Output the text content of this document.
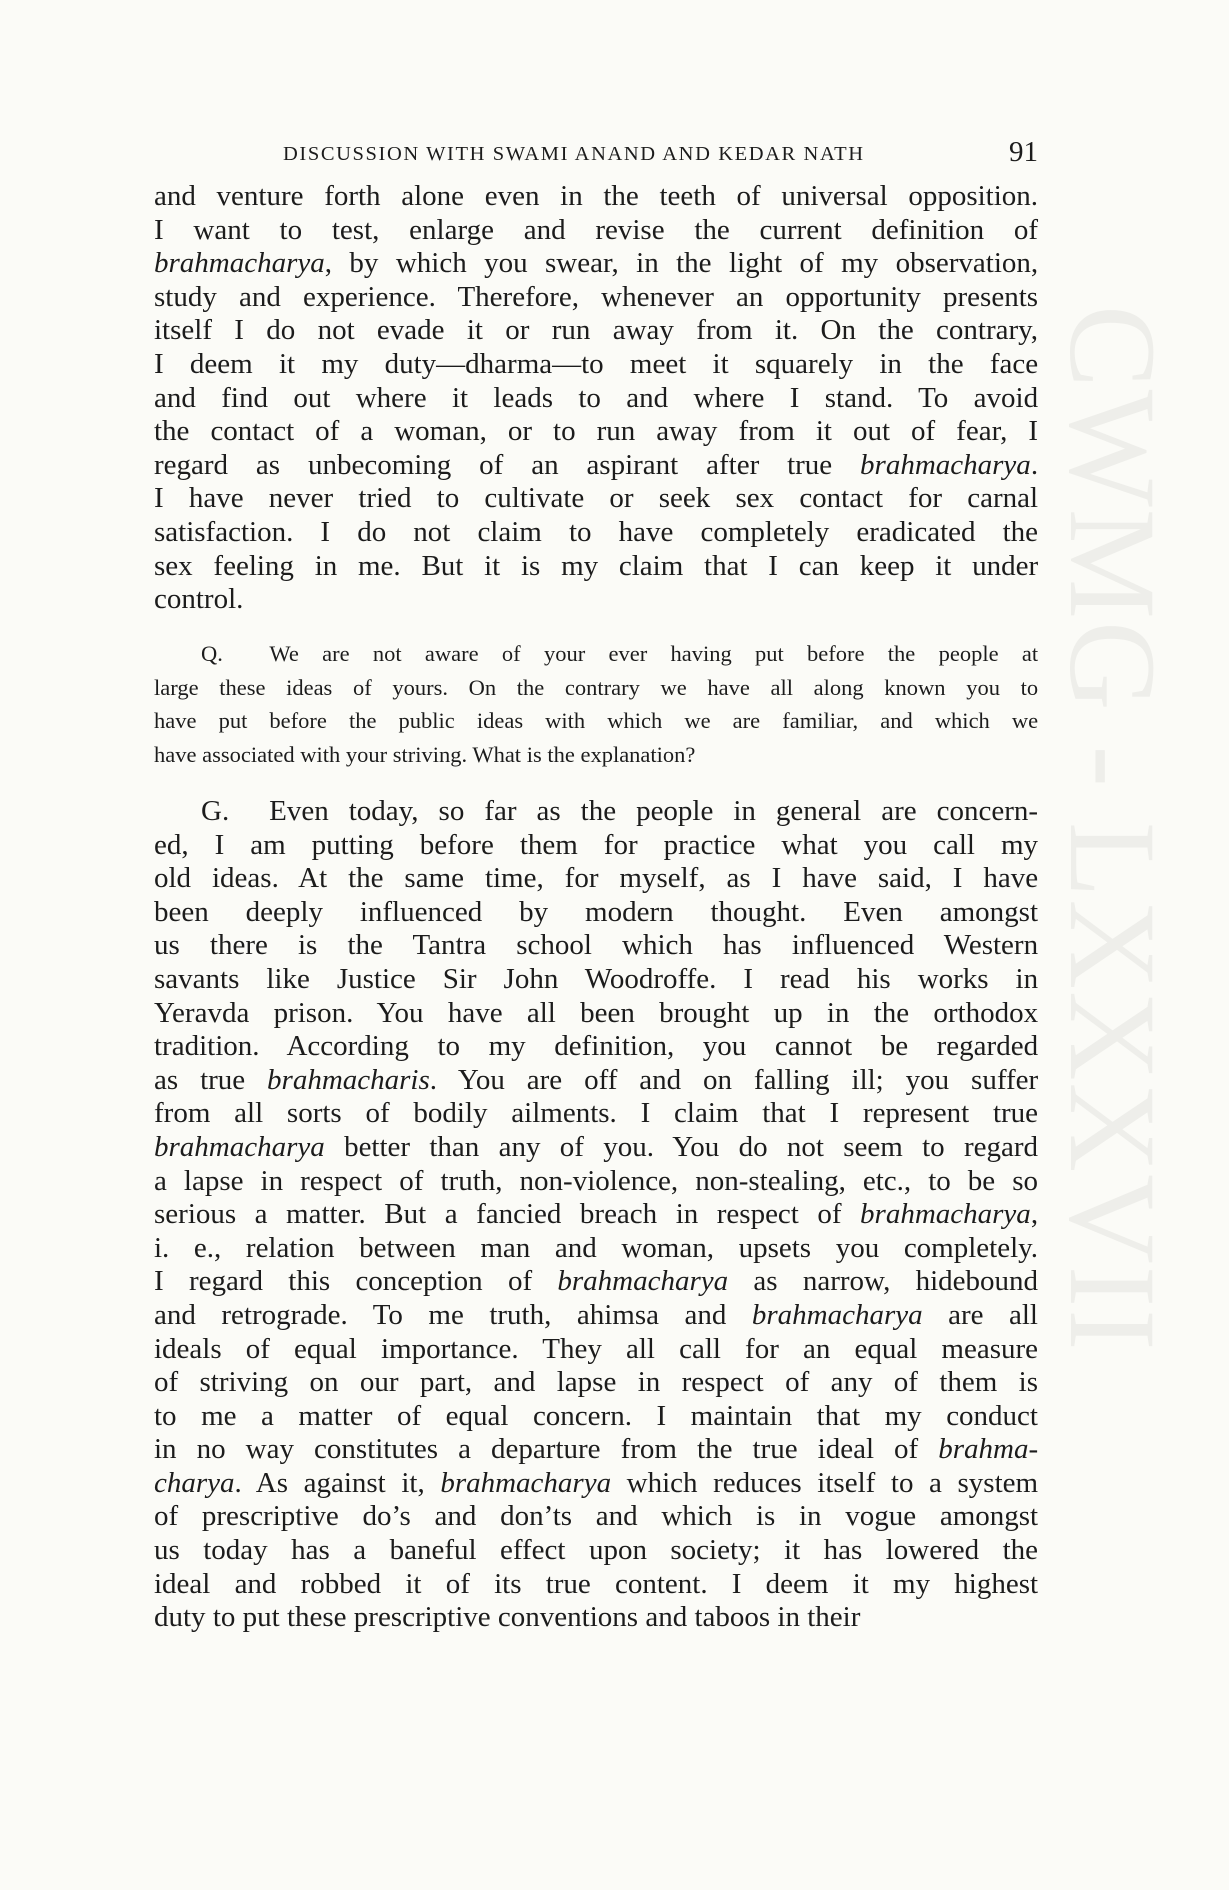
CWMG - LXXXVII
DISCUSSION WITH SWAMI ANAND AND KEDAR NATH	91
and venture forth alone even in the teeth of universal opposition.
I want to test, enlarge and revise the current definition of
brahmacharya, by which you swear, in the light of my observation,
study and experience. Therefore, whenever an opportunity presents
itself I do not evade it or run away from it. On the contrary,
I deem it my duty—dharma—to meet it squarely in the face
and find out where it leads to and where I stand. To avoid
the contact of a woman, or to run away from it out of fear, I
regard as unbecoming of an aspirant after true brahmacharya.
I have never tried to cultivate or seek sex contact for carnal
satisfaction. I do not claim to have completely eradicated the
sex feeling in me. But it is my claim that I can keep it under
control.
Q. We are not aware of your ever having put before the people at
large these ideas of yours. On the contrary we have all along known you to
have put before the public ideas with which we are familiar, and which we
have associated with your striving. What is the explanation?
G. Even today, so far as the people in general are concern-
ed, I am putting before them for practice what you call my
old ideas. At the same time, for myself, as I have said, I have
been deeply influenced by modern thought. Even amongst
us there is the Tantra school which has influenced Western
savants like Justice Sir John Woodroffe. I read his works in
Yeravda prison. You have all been brought up in the orthodox
tradition. According to my definition, you cannot be regarded
as true brahmacharis. You are off and on falling ill; you suffer
from all sorts of bodily ailments. I claim that I represent true
brahmacharya better than any of you. You do not seem to regard
a lapse in respect of truth, non-violence, non-stealing, etc., to be so
serious a matter. But a fancied breach in respect of brahmacharya,
i. e., relation between man and woman, upsets you completely.
I regard this conception of brahmacharya as narrow, hidebound
and retrograde. To me truth, ahimsa and brahmacharya are all
ideals of equal importance. They all call for an equal measure
of striving on our part, and lapse in respect of any of them is
to me a matter of equal concern. I maintain that my conduct
in no way constitutes a departure from the true ideal of brahma-
charya. As against it, brahmacharya which reduces itself to a system
of prescriptive do’s and don’ts and which is in vogue amongst
us today has a baneful effect upon society; it has lowered the
ideal and robbed it of its true content. I deem it my highest
duty to put these prescriptive conventions and taboos in their
